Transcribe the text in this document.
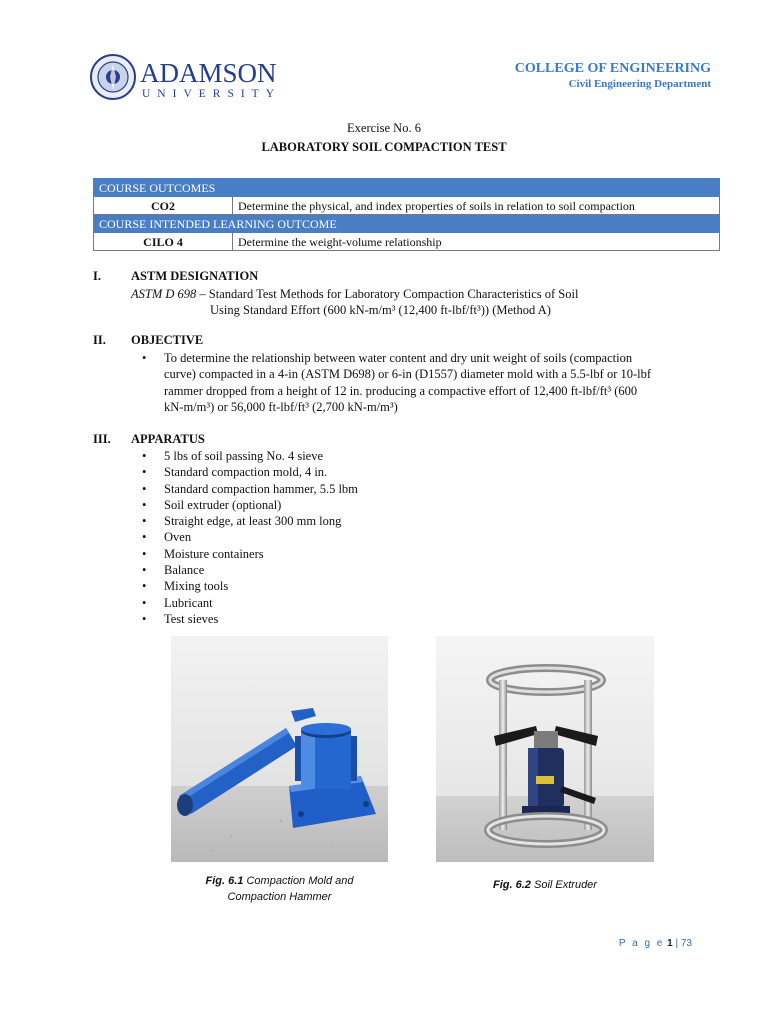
ADAMSON
UNIVERSITY
COLLEGE OF ENGINEERING
Civil Engineering Department
Exercise No. 6
LABORATORY SOIL COMPACTION TEST
COURSE OUTCOMES	
CO2	Determine the physical, and index properties of soils in relation to soil compaction
COURSE INTENDED LEARNING OUTCOME	
CILO 4	Determine the weight-volume relationship
I. ASTM DESIGNATION
ASTM D 698 – Standard Test Methods for Laboratory Compaction Characteristics of Soil
Using Standard Effort (600 kN-m/m³ (12,400 ft-lbf/ft³)) (Method A)
II. OBJECTIVE
• To determine the relationship between water content and dry unit weight of soils (compaction
curve) compacted in a 4-in (ASTM D698) or 6-in (D1557) diameter mold with a 5.5-lbf or 10-lbf
rammer dropped from a height of 12 in. producing a compactive effort of 12,400 ft-lbf/ft³ (600
kN-m/m³) or 56,000 ft-lbf/ft³ (2,700 kN-m/m³)
III. APPARATUS
• 5 lbs of soil passing No. 4 sieve
• Standard compaction mold, 4 in.
• Standard compaction hammer, 5.5 lbm
• Soil extruder (optional)
• Straight edge, at least 300 mm long
• Oven
• Moisture containers
• Balance
• Mixing tools
• Lubricant
• Test sieves
Fig. 6.1 Compaction Mold and
Compaction Hammer
Fig. 6.2 Soil Extruder
P a g e 1 | 73
